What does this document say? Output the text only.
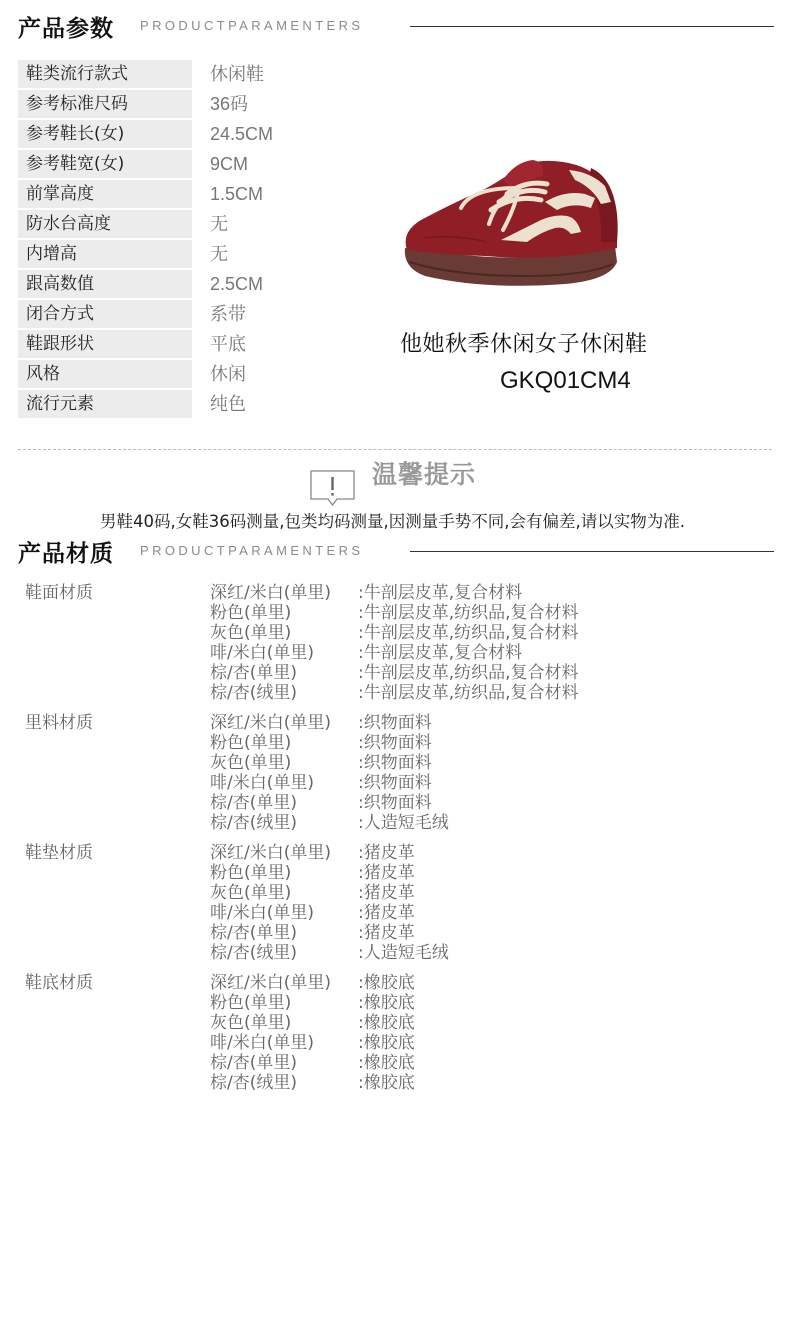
产品参数 PRODUCTPARAMENTERS
鞋类流行款式	休闲鞋
参考标准尺码	36码
参考鞋长(女)	24.5CM
参考鞋宽(女)	9CM
前掌高度	1.5CM
防水台高度	无
内增高	无
跟高数值	2.5CM
闭合方式	系带
鞋跟形状	平底
风格	休闲
流行元素	纯色
他她秋季休闲女子休闲鞋
GKQ01CM4
温馨提示
男鞋40码,女鞋36码测量,包类均码测量,因测量手势不同,会有偏差,请以实物为准.
产品材质 PRODUCTPARAMENTERS
鞋面材质	深红/米白(单里) :牛剖层皮革,复合材料
粉色(单里)	:牛剖层皮革,纺织品,复合材料
灰色(单里)	:牛剖层皮革,纺织品,复合材料
啡/米白(单里)	:牛剖层皮革,复合材料
棕/杏(单里)	:牛剖层皮革,纺织品,复合材料
棕/杏(绒里)	:牛剖层皮革,纺织品,复合材料
里料材质	深红/米白(单里) :织物面料
粉色(单里)	:织物面料
灰色(单里)	:织物面料
啡/米白(单里)	:织物面料
棕/杏(单里)	:织物面料
棕/杏(绒里)	:人造短毛绒
鞋垫材质	深红/米白(单里) :猪皮革
粉色(单里)	:猪皮革
灰色(单里)	:猪皮革
啡/米白(单里)	:猪皮革
棕/杏(单里)	:猪皮革
棕/杏(绒里)	:人造短毛绒
鞋底材质	深红/米白(单里) :橡胶底
粉色(单里)	:橡胶底
灰色(单里)	:橡胶底
啡/米白(单里)	:橡胶底
棕/杏(单里)	:橡胶底
棕/杏(绒里)	:橡胶底
